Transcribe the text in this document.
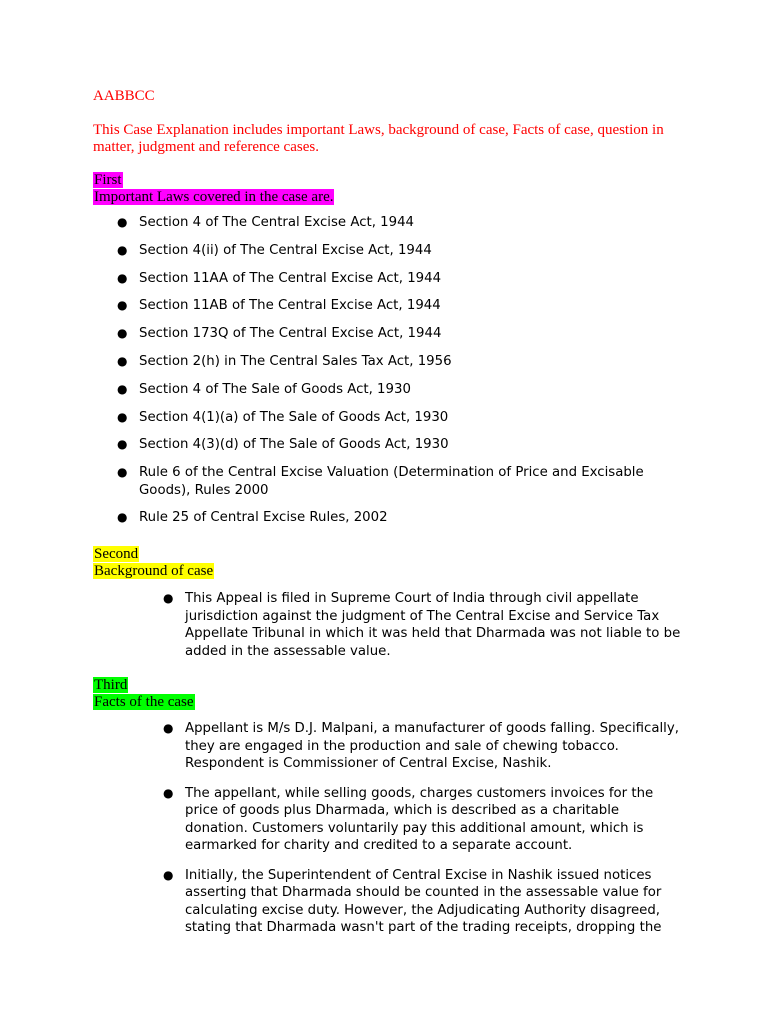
AABBCC
This Case Explanation includes important Laws, background of case, Facts of case, question in matter, judgment and reference cases.
First
Important Laws covered in the case are.
● Section 4 of The Central Excise Act, 1944
● Section 4(ii) of The Central Excise Act, 1944
● Section 11AA of The Central Excise Act, 1944
● Section 11AB of The Central Excise Act, 1944
● Section 173Q of The Central Excise Act, 1944
● Section 2(h) in The Central Sales Tax Act, 1956
● Section 4 of The Sale of Goods Act, 1930
● Section 4(1)(a) of The Sale of Goods Act, 1930
● Section 4(3)(d) of The Sale of Goods Act, 1930
● Rule 6 of the Central Excise Valuation (Determination of Price and Excisable Goods), Rules 2000
● Rule 25 of Central Excise Rules, 2002
Second
Background of case
● This Appeal is filed in Supreme Court of India through civil appellate jurisdiction against the judgment of The Central Excise and Service Tax Appellate Tribunal in which it was held that Dharmada was not liable to be added in the assessable value.
Third
Facts of the case
● Appellant is M/s D.J. Malpani, a manufacturer of goods falling. Specifically, they are engaged in the production and sale of chewing tobacco. Respondent is Commissioner of Central Excise, Nashik.
● The appellant, while selling goods, charges customers invoices for the price of goods plus Dharmada, which is described as a charitable donation. Customers voluntarily pay this additional amount, which is earmarked for charity and credited to a separate account.
● Initially, the Superintendent of Central Excise in Nashik issued notices asserting that Dharmada should be counted in the assessable value for calculating excise duty. However, the Adjudicating Authority disagreed, stating that Dharmada wasn't part of the trading receipts, dropping the
